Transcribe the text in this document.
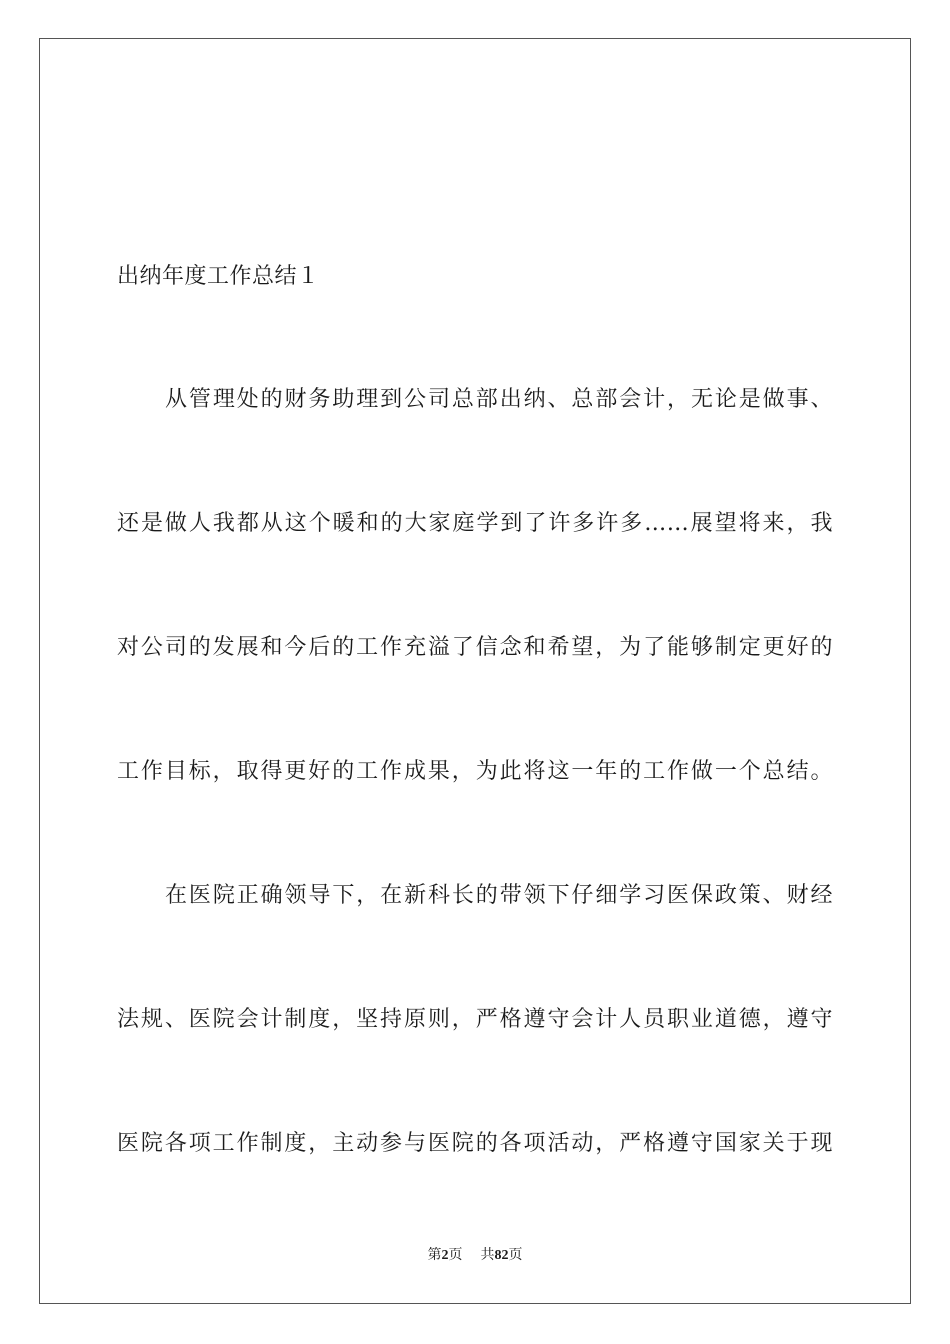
出纳年度工作总结１
从管理处的财务助理到公司总部出纳、总部会计，无论是做事、
还是做人我都从这个暖和的大家庭学到了许多许多……展望将来，我
对公司的发展和今后的工作充溢了信念和希望，为了能够制定更好的
工作目标，取得更好的工作成果，为此将这一年的工作做一个总结。
在医院正确领导下，在新科长的带领下仔细学习医保政策、财经
法规、医院会计制度，坚持原则，严格遵守会计人员职业道德，遵守
医院各项工作制度，主动参与医院的各项活动，严格遵守国家关于现
第2页 共82页
